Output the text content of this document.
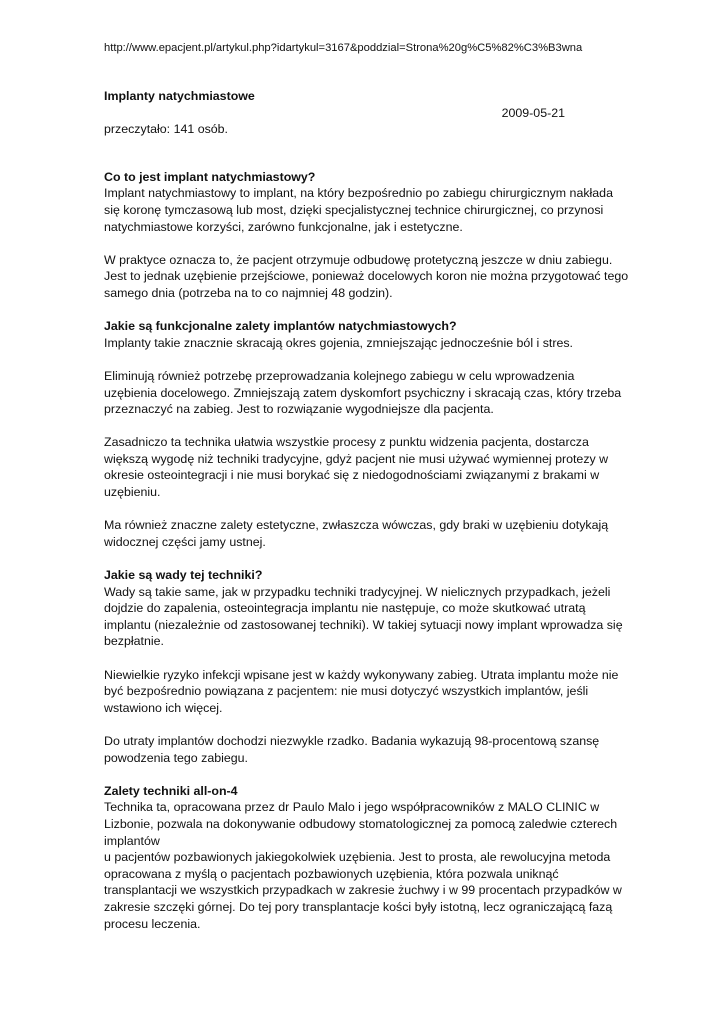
http://www.epacjent.pl/artykul.php?idartykul=3167&poddzial=Strona%20g%C5%82%C3%B3wna
Implanty natychmiastowe
2009-05-21
przeczytało: 141 osób.
Co to jest implant natychmiastowy?

Implant natychmiastowy to implant, na który bezpośrednio po zabiegu chirurgicznym nakłada się koronę tymczasową lub most, dzięki specjalistycznej technice chirurgicznej, co przynosi natychmiastowe korzyści, zarówno funkcjonalne, jak i estetyczne.

W praktyce oznacza to, że pacjent otrzymuje odbudowę protetyczną jeszcze w dniu zabiegu. Jest to jednak uzębienie przejściowe, ponieważ docelowych koron nie można przygotować tego samego dnia (potrzeba na to co najmniej 48 godzin).

Jakie są funkcjonalne zalety implantów natychmiastowych?

Implanty takie znacznie skracają okres gojenia, zmniejszając jednocześnie ból i stres.

Eliminują również potrzebę przeprowadzania kolejnego zabiegu w celu wprowadzenia uzębienia docelowego. Zmniejszają zatem dyskomfort psychiczny i skracają czas, który trzeba przeznaczyć na zabieg. Jest to rozwiązanie wygodniejsze dla pacjenta.

Zasadniczo ta technika ułatwia wszystkie procesy z punktu widzenia pacjenta, dostarcza większą wygodę niż techniki tradycyjne, gdyż pacjent nie musi używać wymiennej protezy w okresie osteointegracji i nie musi borykać się z niedogodnościami związanymi z brakami w uzębieniu.

Ma również znaczne zalety estetyczne, zwłaszcza wówczas, gdy braki w uzębieniu dotykają widocznej części jamy ustnej.

Jakie są wady tej techniki?

Wady są takie same, jak w przypadku techniki tradycyjnej. W nielicznych przypadkach, jeżeli dojdzie do zapalenia, osteointegracja implantu nie następuje, co może skutkować utratą implantu (niezależnie od zastosowanej techniki). W takiej sytuacji nowy implant wprowadza się bezpłatnie.

Niewielkie ryzyko infekcji wpisane jest w każdy wykonywany zabieg. Utrata implantu może nie być bezpośrednio powiązana z pacjentem: nie musi dotyczyć wszystkich implantów, jeśli wstawiono ich więcej.

Do utraty implantów dochodzi niezwykle rzadko. Badania wykazują 98-procentową szansę powodzenia tego zabiegu.

Zalety techniki all-on-4

Technika ta, opracowana przez dr Paulo Malo i jego współpracowników z MALO CLINIC w Lizbonie, pozwala na dokonywanie odbudowy stomatologicznej za pomocą zaledwie czterech implantów
u pacjentów pozbawionych jakiegokolwiek uzębienia. Jest to prosta, ale rewolucyjna metoda opracowana z myślą o pacjentach pozbawionych uzębienia, która pozwala uniknąć transplantacji we wszystkich przypadkach w zakresie żuchwy i w 99 procentach przypadków w zakresie szczęki górnej. Do tej pory transplantacje kości były istotną, lecz ograniczającą fazą procesu leczenia.
